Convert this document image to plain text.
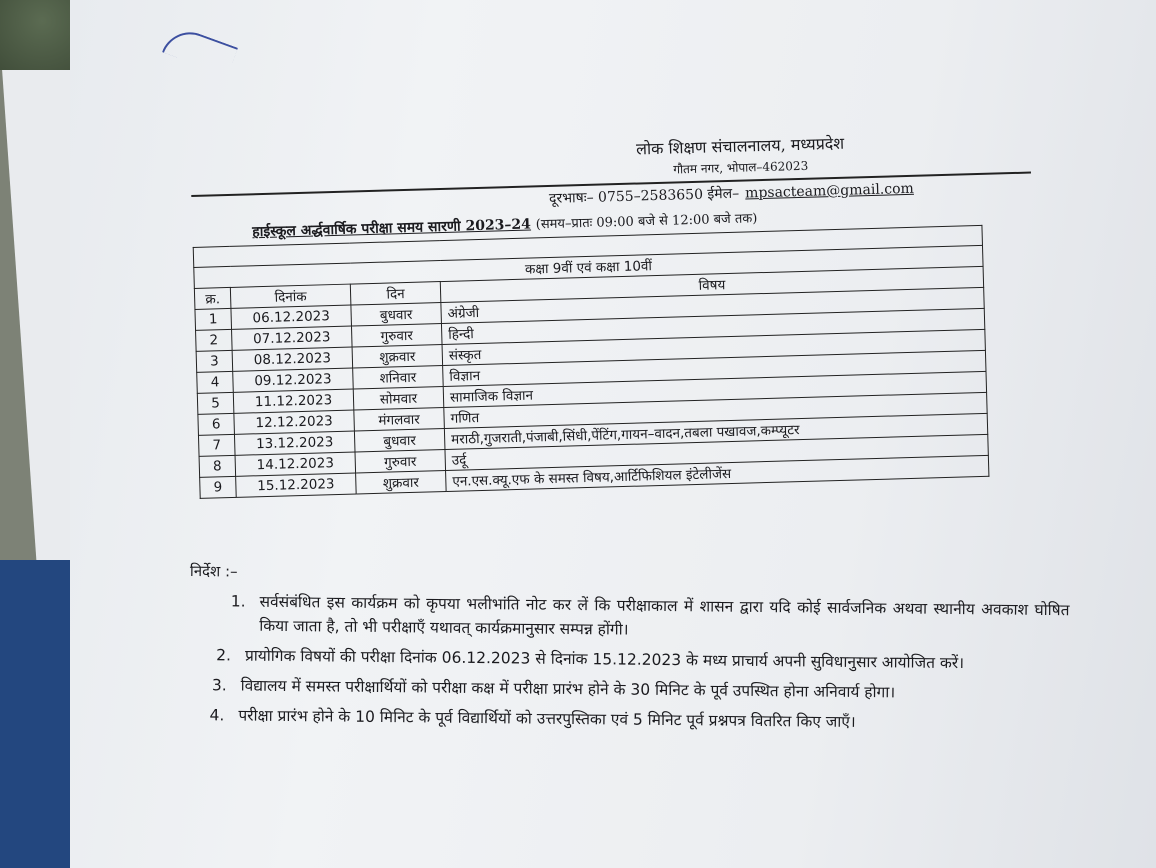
लोक शिक्षण संचालनालय, मध्यप्रदेश
गौतम नगर, भोपाल–462023
दूरभाषः– 0755–2583650 ईमेल– mpsacteam@gmail.com
हाईस्कूल अर्द्धवार्षिक परीक्षा समय सारणी 2023–24 (समय–प्रातः 09:00 बजे से 12:00 बजे तक)

कक्षा 9वीं एवं कक्षा 10वीं			
क्र.	दिनांक	दिन	विषय
1	06.12.2023	बुधवार	अंग्रेजी
2	07.12.2023	गुरुवार	हिन्दी
3	08.12.2023	शुक्रवार	संस्कृत
4	09.12.2023	शनिवार	विज्ञान
5	11.12.2023	सोमवार	सामाजिक विज्ञान
6	12.12.2023	मंगलवार	गणित
7	13.12.2023	बुधवार	मराठी,गुजराती,पंजाबी,सिंधी,पेंटिंग,गायन–वादन,तबला पखावज,कम्प्यूटर
8	14.12.2023	गुरुवार	उर्दू
9	15.12.2023	शुक्रवार	एन.एस.क्यू.एफ के समस्त विषय,आर्टिफिशियल इंटेलीजेंस
निर्देश :–
1. सर्वसंबंधित इस कार्यक्रम को कृपया भलीभांति नोट कर लें कि परीक्षाकाल में शासन द्वारा यदि कोई सार्वजनिक अथवा स्थानीय अवकाश घोषित किया जाता है, तो भी परीक्षाएँ यथावत् कार्यक्रमानुसार सम्पन्न होंगी।
2. प्रायोगिक विषयों की परीक्षा दिनांक 06.12.2023 से दिनांक 15.12.2023 के मध्य प्राचार्य अपनी सुविधानुसार आयोजित करें।
3. विद्यालय में समस्त परीक्षार्थियों को परीक्षा कक्ष में परीक्षा प्रारंभ होने के 30 मिनिट के पूर्व उपस्थित होना अनिवार्य होगा।
4. परीक्षा प्रारंभ होने के 10 मिनिट के पूर्व विद्यार्थियों को उत्तरपुस्तिका एवं 5 मिनिट पूर्व प्रश्नपत्र वितरित किए जाएँ।
